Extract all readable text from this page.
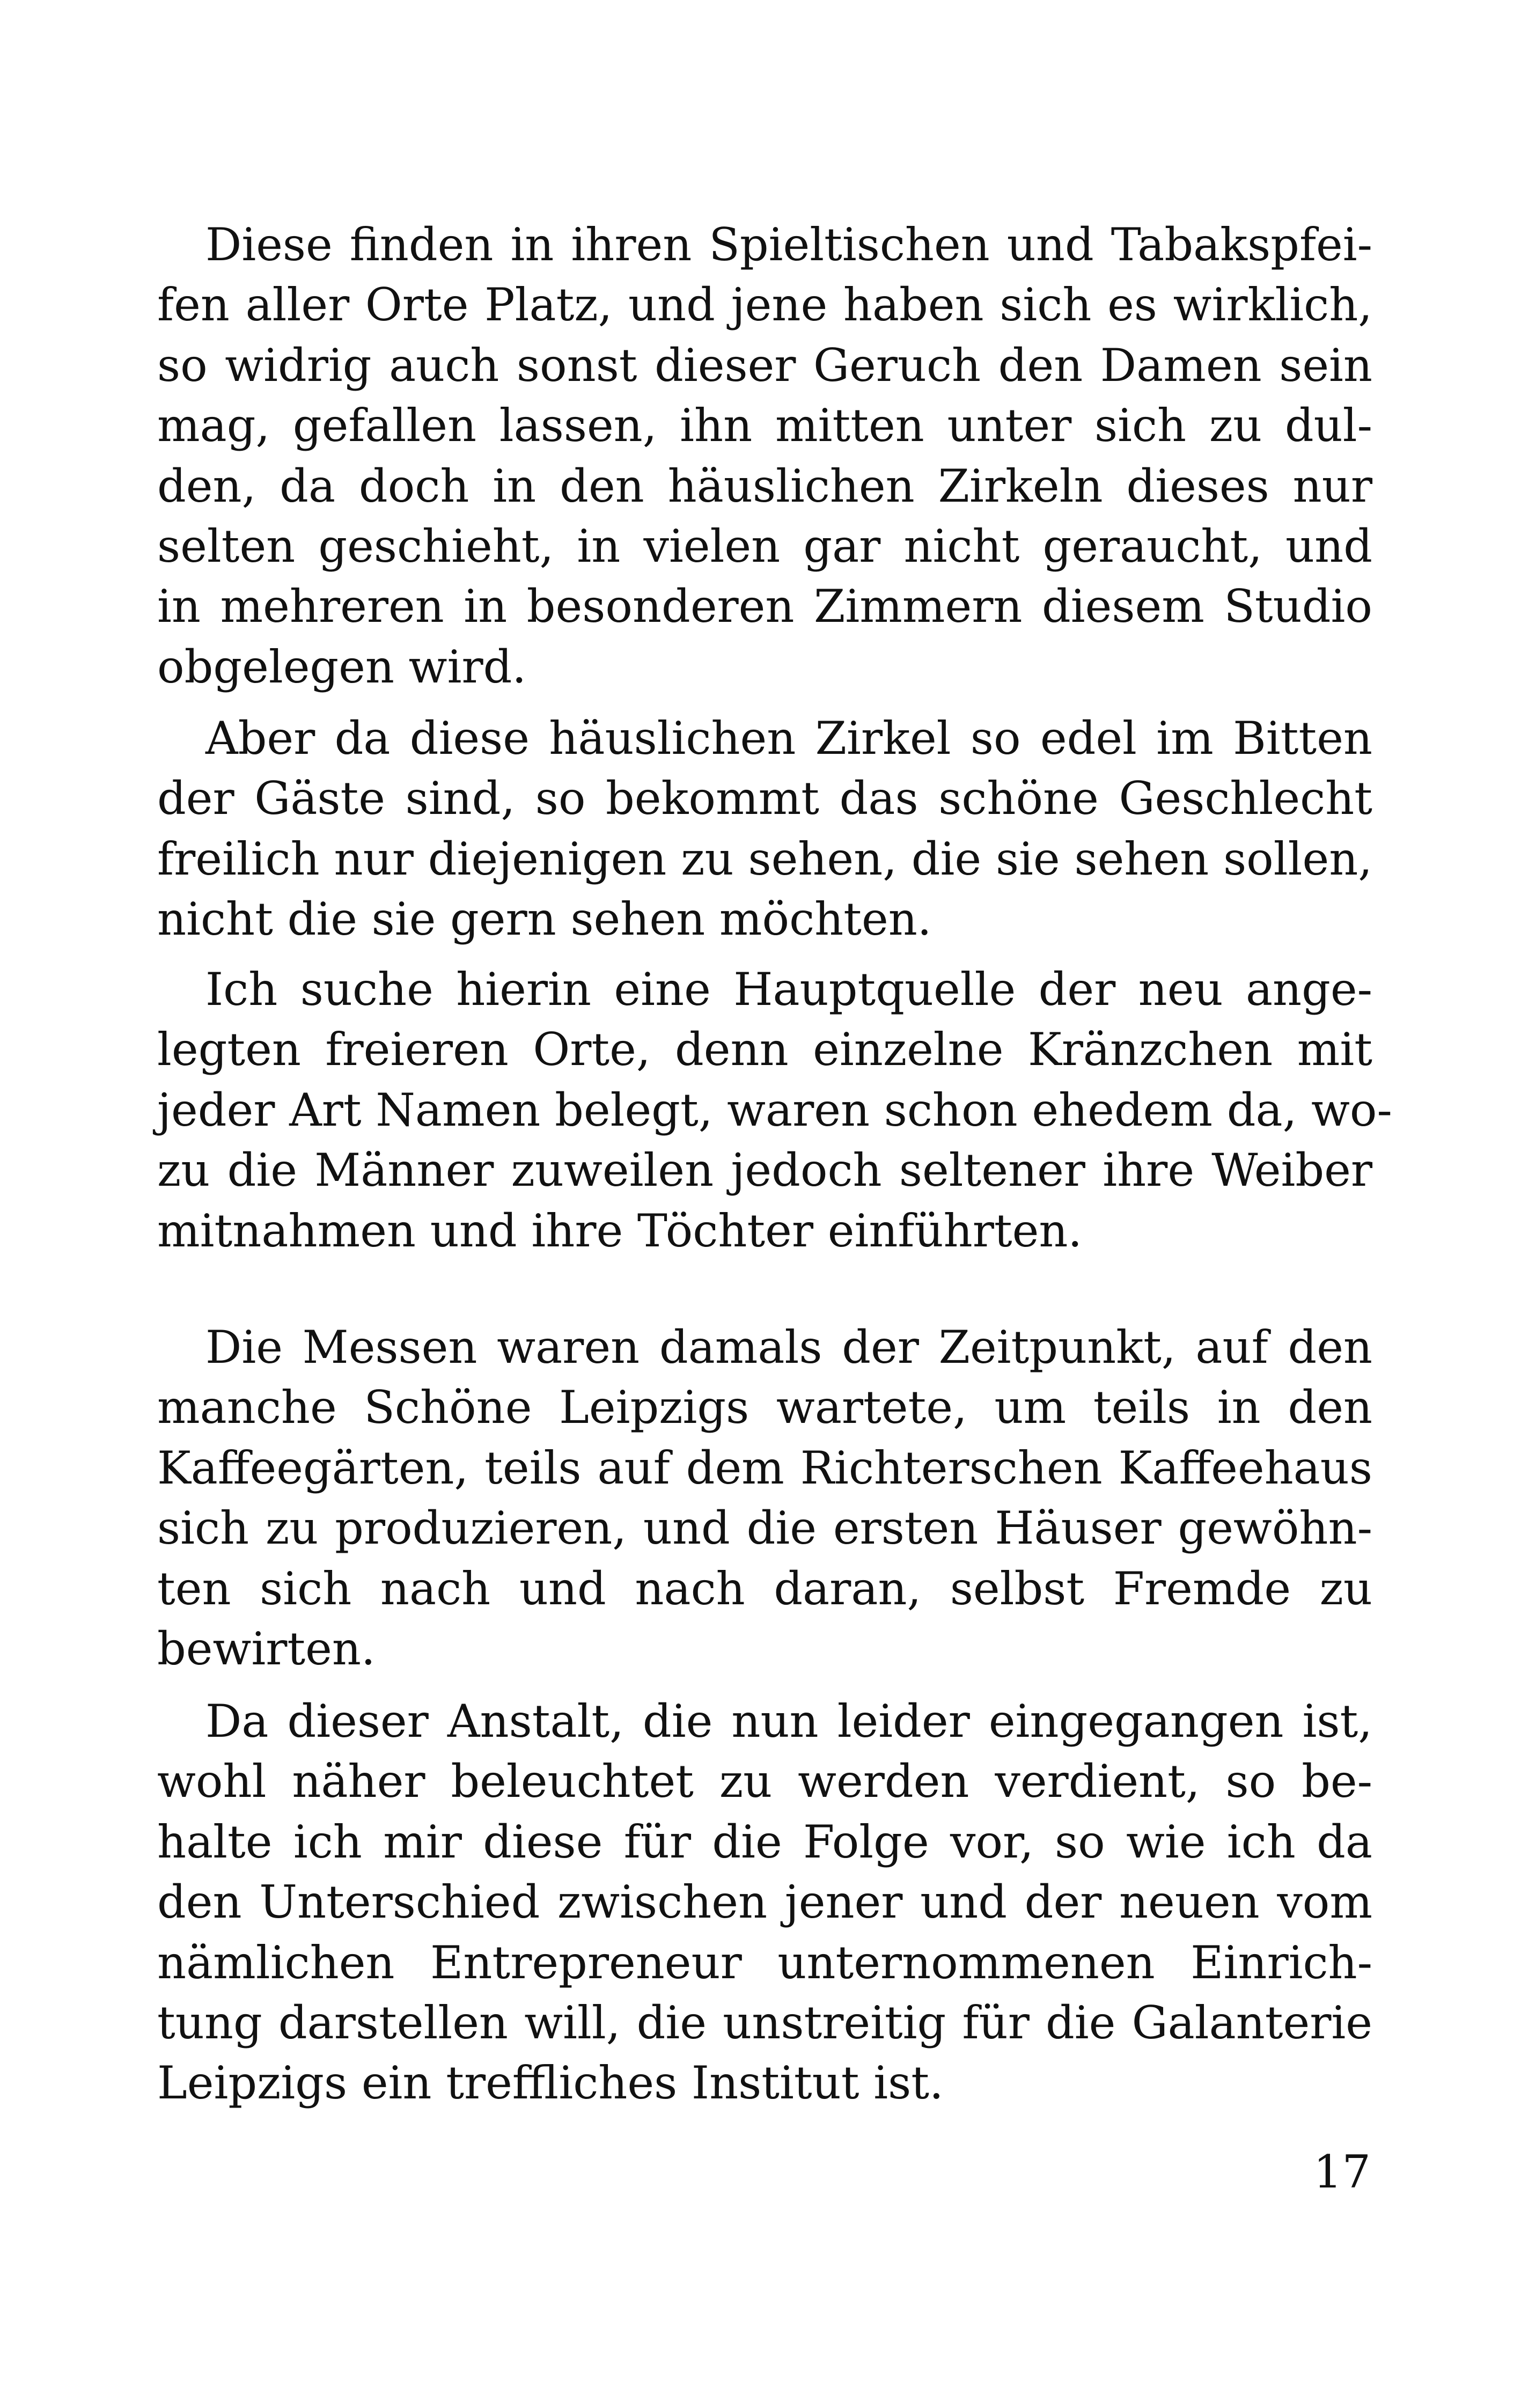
Diese finden in ihren Spieltischen und Tabakspfei-
fen aller Orte Platz, und jene haben sich es wirklich,
so widrig auch sonst dieser Geruch den Damen sein
mag, gefallen lassen, ihn mitten unter sich zu dul-
den, da doch in den häuslichen Zirkeln dieses nur
selten geschieht, in vielen gar nicht geraucht, und
in mehreren in besonderen Zimmern diesem Studio
obgelegen wird.
Aber da diese häuslichen Zirkel so edel im Bitten
der Gäste sind, so bekommt das schöne Geschlecht
freilich nur diejenigen zu sehen, die sie sehen sollen,
nicht die sie gern sehen möchten.
Ich suche hierin eine Hauptquelle der neu ange-
legten freieren Orte, denn einzelne Kränzchen mit
jeder Art Namen belegt, waren schon ehedem da, wo-
zu die Männer zuweilen jedoch seltener ihre Weiber
mitnahmen und ihre Töchter einführten.
Die Messen waren damals der Zeitpunkt, auf den
manche Schöne Leipzigs wartete, um teils in den
Kaffeegärten, teils auf dem Richterschen Kaffeehaus
sich zu produzieren, und die ersten Häuser gewöhn-
ten sich nach und nach daran, selbst Fremde zu
bewirten.
Da dieser Anstalt, die nun leider eingegangen ist,
wohl näher beleuchtet zu werden verdient, so be-
halte ich mir diese für die Folge vor, so wie ich da
den Unterschied zwischen jener und der neuen vom
nämlichen Entrepreneur unternommenen Einrich-
tung darstellen will, die unstreitig für die Galanterie
Leipzigs ein treffliches Institut ist.
17
